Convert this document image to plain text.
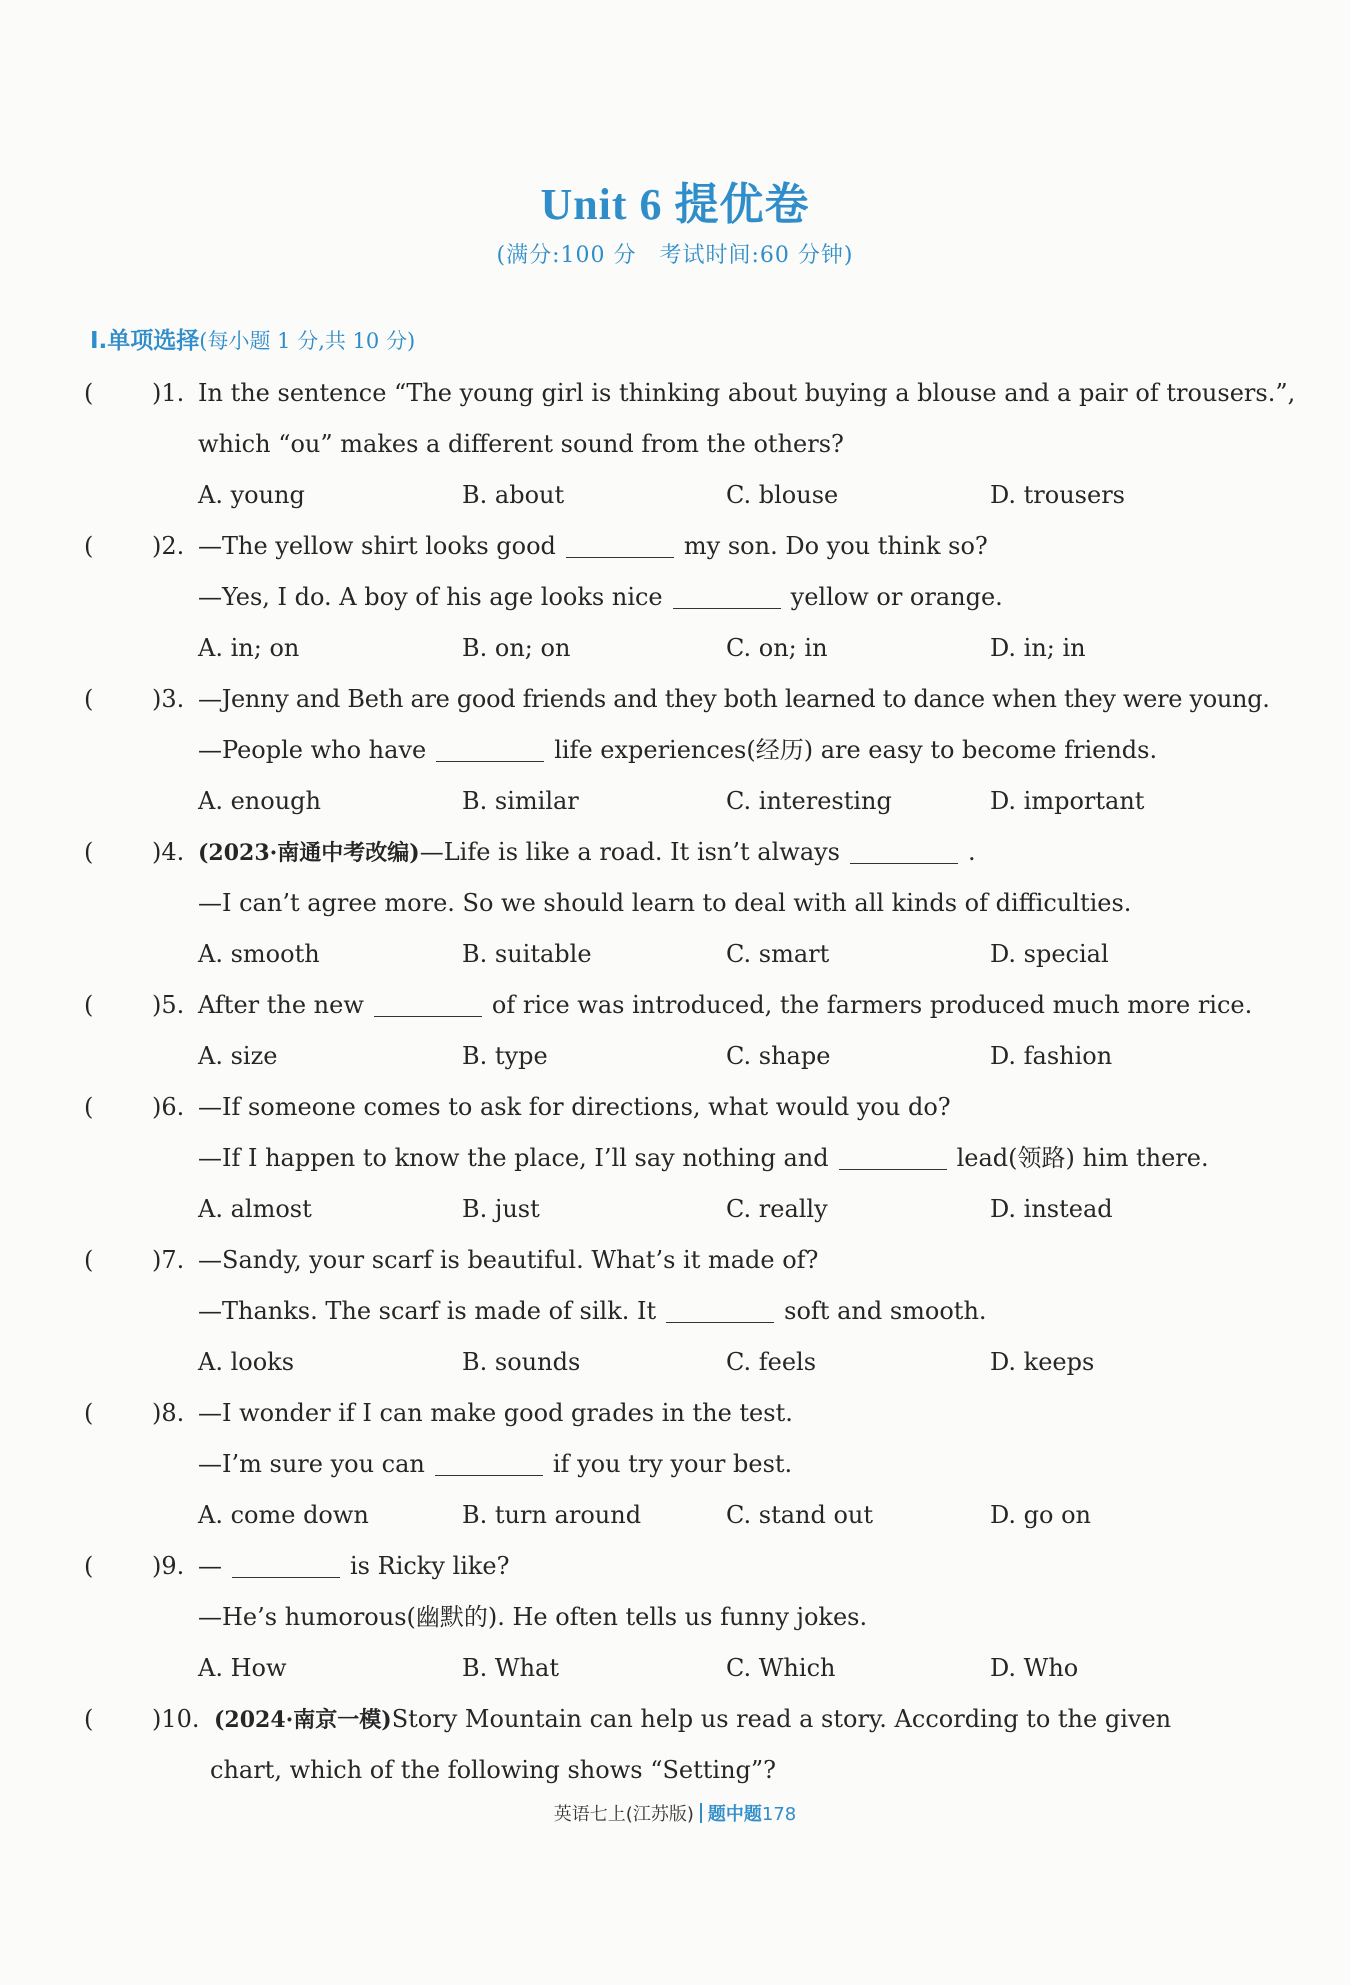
Unit 6 提优卷
(满分:100 分　考试时间:60 分钟)
Ⅰ.单项选择(每小题 1 分,共 10 分)
( )1. In the sentence “The young girl is thinking about buying a blouse and a pair of trousers.”,
which “ou” makes a different sound from the others?
A. young	B. about	C. blouse	D. trousers
( )2. —The yellow shirt looks good	my son. Do you think so?
—Yes, I do. A boy of his age looks nice	yellow or orange.
A. in; on	B. on; on	C. on; in	D. in; in
( )3. —Jenny and Beth are good friends and they both learned to dance when they were young.
—People who have	life experiences(经历) are easy to become friends.
A. enough	B. similar	C. interesting	D. important
( )4. (2023·南通中考改编)—Life is like a road. It isn’t always	.
—I can’t agree more. So we should learn to deal with all kinds of difficulties.
A. smooth	B. suitable	C. smart	D. special
( )5. After the new	of rice was introduced, the farmers produced much more rice.
A. size	B. type	C. shape	D. fashion
( )6. —If someone comes to ask for directions, what would you do?
—If I happen to know the place, I’ll say nothing and	lead(领路) him there.
A. almost	B. just	C. really	D. instead
( )7. —Sandy, your scarf is beautiful. What’s it made of?
—Thanks. The scarf is made of silk. It	soft and smooth.
A. looks	B. sounds	C. feels	D. keeps
( )8. —I wonder if I can make good grades in the test.
—I’m sure you can	if you try your best.
A. come down	B. turn around	C. stand out	D. go on
( )9. —	is Ricky like?
—He’s humorous(幽默的). He often tells us funny jokes.
A. How	B. What	C. Which	D. Who
( )10. (2024·南京一模)Story Mountain can help us read a story. According to the given
chart, which of the following shows “Setting”?
英语七上(江苏版) 题中题178
